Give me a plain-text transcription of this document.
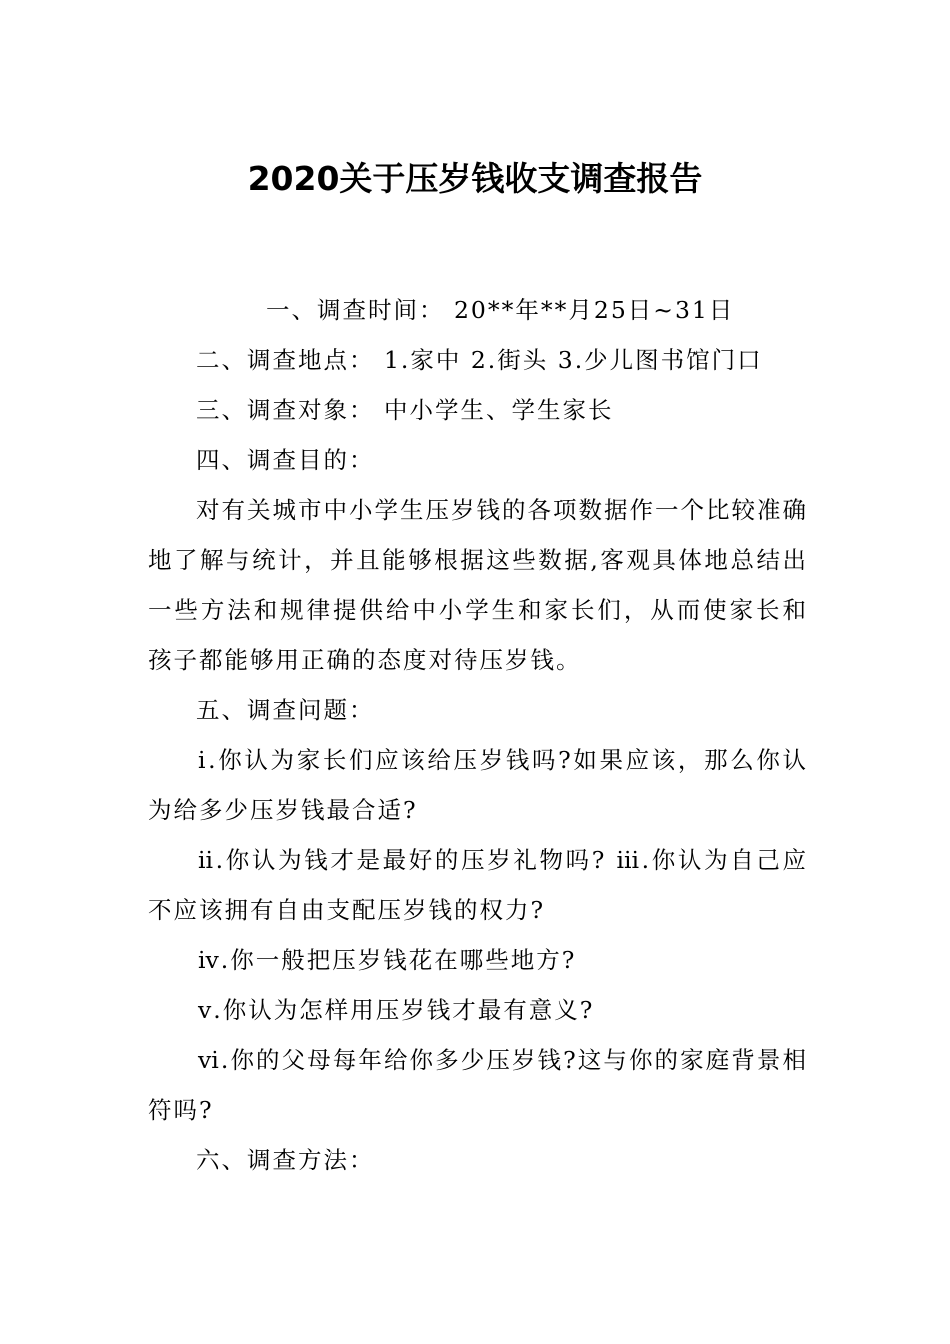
2020关于压岁钱收支调查报告

一、调查时间： 20**年**月25日~31日

二、调查地点： 1.家中 2.街头 3.少儿图书馆门口

三、调查对象： 中小学生、学生家长

四、调查目的：

对有关城市中小学生压岁钱的各项数据作一个比较准确地了解与统计，并且能够根据这些数据,客观具体地总结出一些方法和规律提供给中小学生和家长们，从而使家长和孩子都能够用正确的态度对待压岁钱。

五、调查问题：

ⅰ.你认为家长们应该给压岁钱吗?如果应该，那么你认为给多少压岁钱最合适?

ⅱ.你认为钱才是最好的压岁礼物吗? ⅲ.你认为自己应不应该拥有自由支配压岁钱的权力?

ⅳ.你一般把压岁钱花在哪些地方?

ⅴ.你认为怎样用压岁钱才最有意义?

ⅵ.你的父母每年给你多少压岁钱?这与你的家庭背景相符吗?

六、调查方法：
